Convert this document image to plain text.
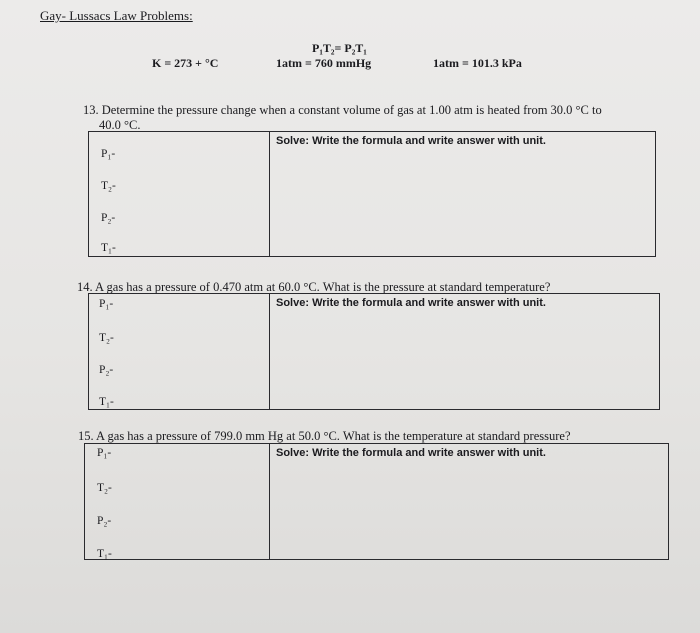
Gay- Lussacs Law Problems:
K = 273 + °C
P₁T₂= P₂T₁
1atm = 760 mmHg	1atm = 101.3 kPa
13. Determine the pressure change when a constant volume of gas at 1.00 atm is heated from 30.0 °C to
40.0 °C.
Solve: Write the formula and write answer with unit.
P₁-
T₂-
P₂-
T₁-
14. A gas has a pressure of 0.470 atm at 60.0 °C. What is the pressure at standard temperature?
Solve: Write the formula and write answer with unit.
P₁-
T₂-
P₂-
T₁-
15. A gas has a pressure of 799.0 mm Hg at 50.0 °C. What is the temperature at standard pressure?
Solve: Write the formula and write answer with unit.
P₁-
T₂-
P₂-
T₁-
